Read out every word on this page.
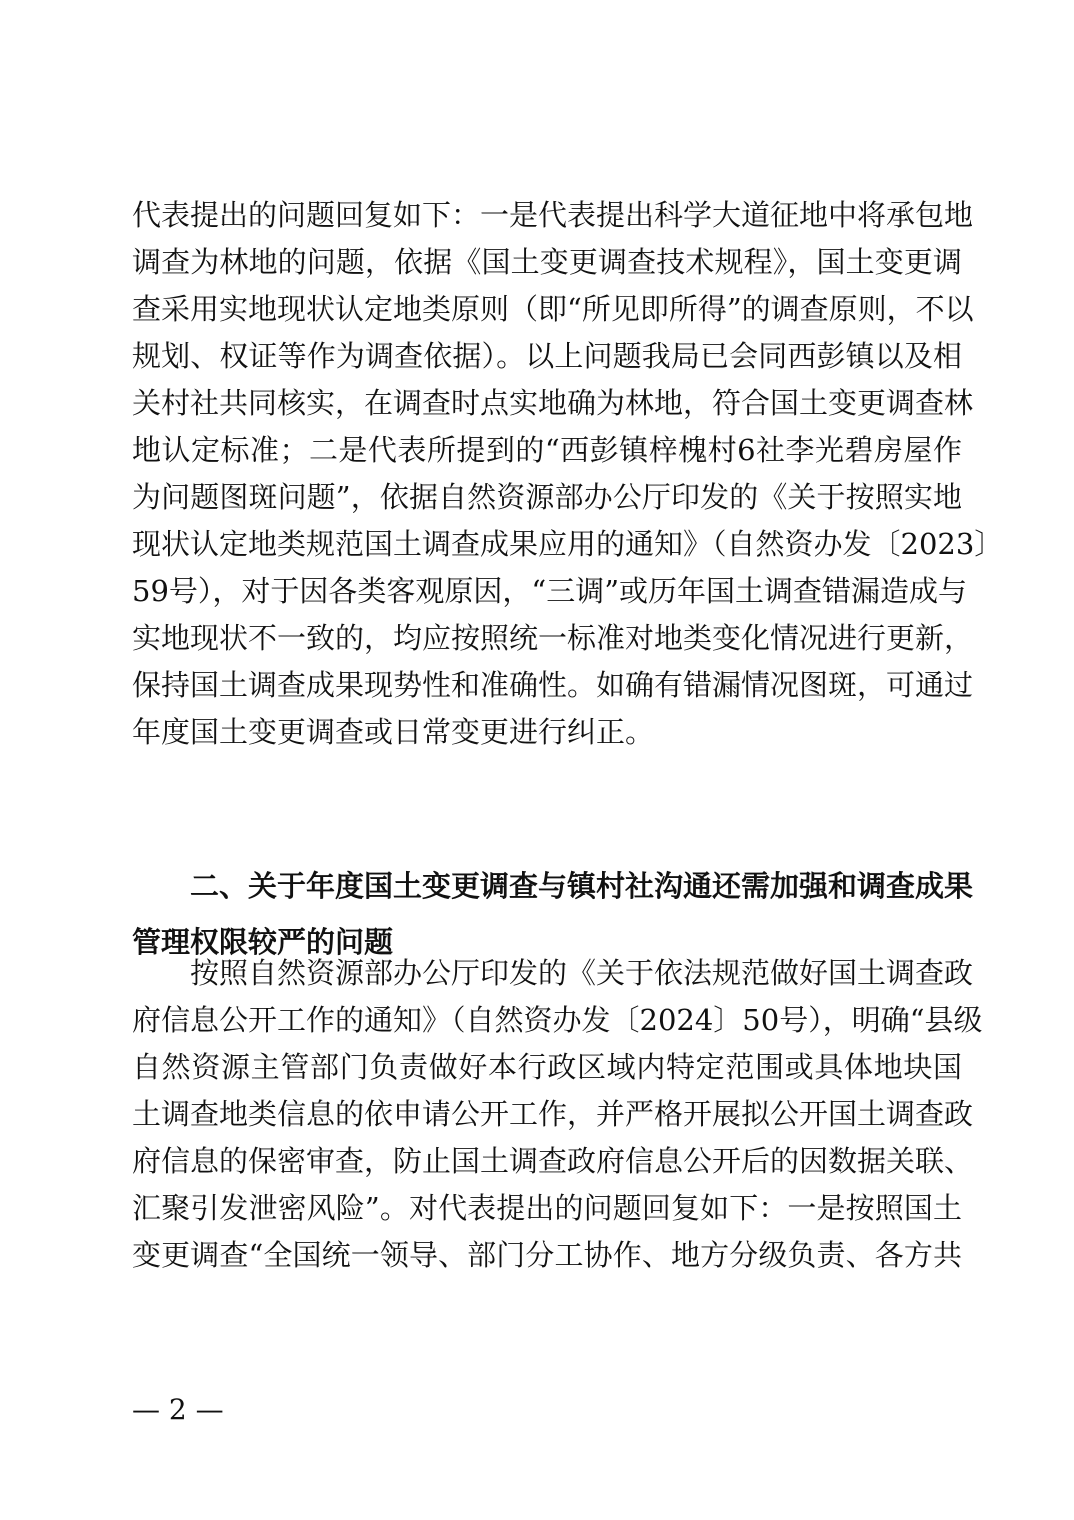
代表提出的问题回复如下：一是代表提出科学大道征地中将承包地
调查为林地的问题，依据《国土变更调查技术规程》，国土变更调
查采用实地现状认定地类原则（即“所见即所得”的调查原则，不以
规划、权证等作为调查依据）。以上问题我局已会同西彭镇以及相
关村社共同核实，在调查时点实地确为林地，符合国土变更调查林
地认定标准；二是代表所提到的“西彭镇梓槐村6社李光碧房屋作
为问题图斑问题”，依据自然资源部办公厅印发的《关于按照实地
现状认定地类规范国土调查成果应用的通知》（自然资办发〔2023〕
59号），对于因各类客观原因，“三调”或历年国土调查错漏造成与
实地现状不一致的，均应按照统一标准对地类变化情况进行更新，
保持国土调查成果现势性和准确性。如确有错漏情况图斑，可通过
年度国土变更调查或日常变更进行纠正。
二、关于年度国土变更调查与镇村社沟通还需加强和调查成果
管理权限较严的问题
按照自然资源部办公厅印发的《关于依法规范做好国土调查政
府信息公开工作的通知》（自然资办发〔2024〕50号），明确“县级
自然资源主管部门负责做好本行政区域内特定范围或具体地块国
土调查地类信息的依申请公开工作，并严格开展拟公开国土调查政
府信息的保密审查，防止国土调查政府信息公开后的因数据关联、
汇聚引发泄密风险”。对代表提出的问题回复如下：一是按照国土
变更调查“全国统一领导、部门分工协作、地方分级负责、各方共
— 2 —
